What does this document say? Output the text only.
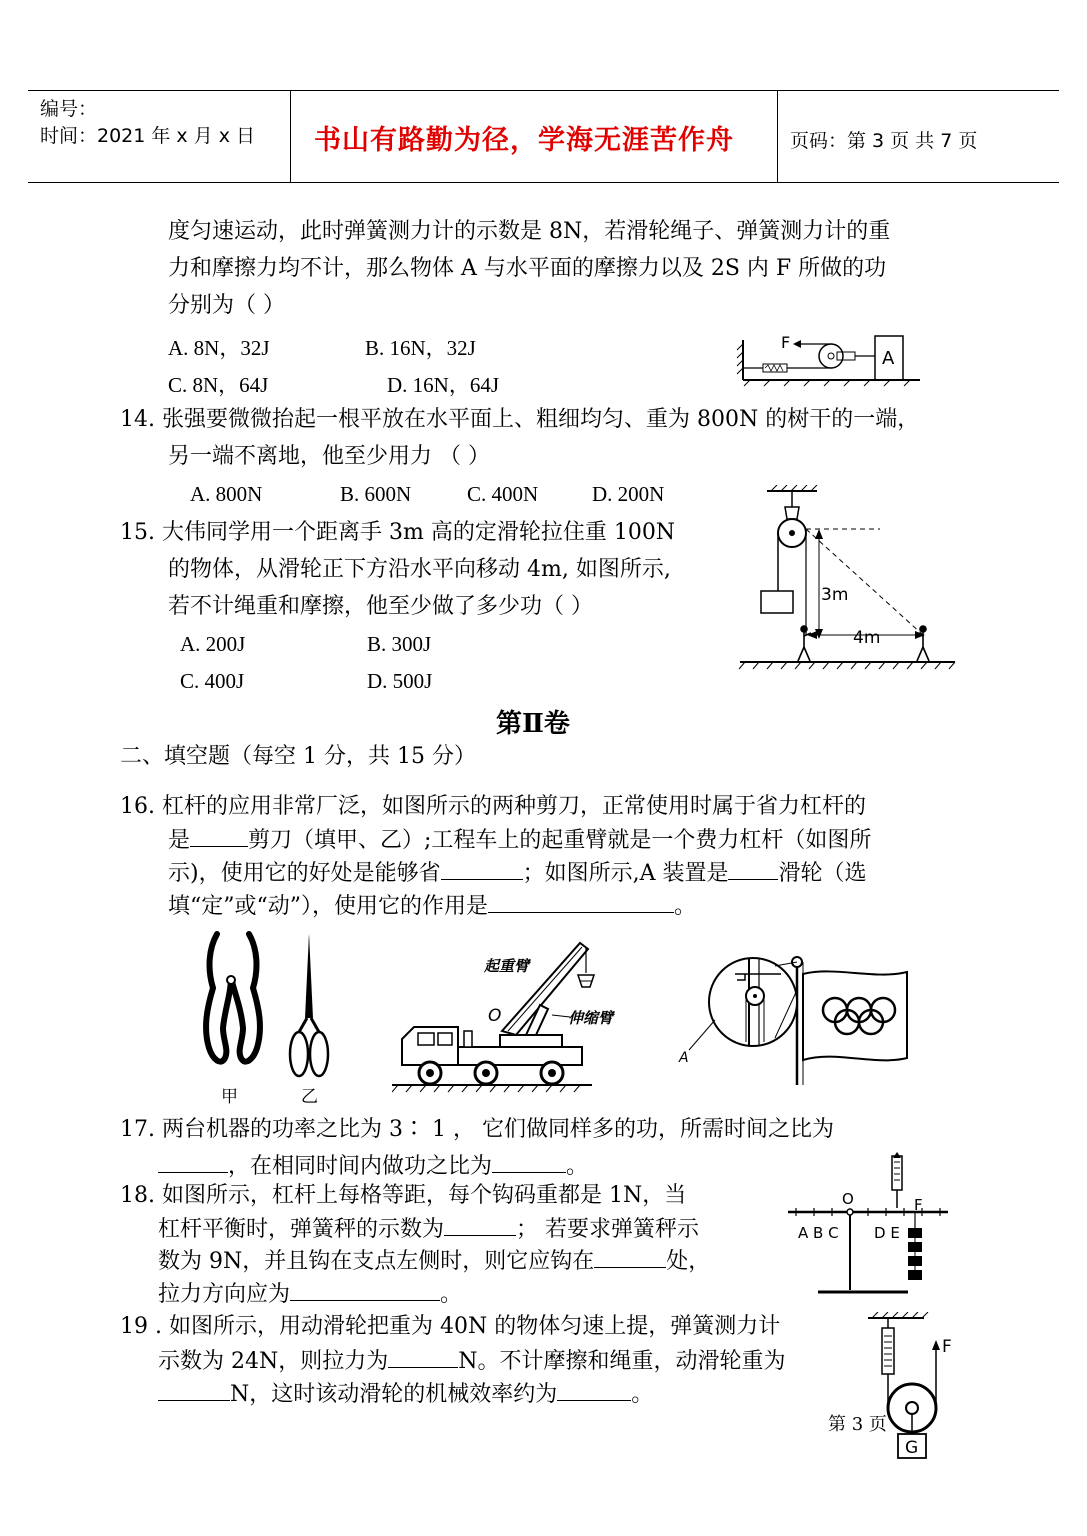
编号：
时间：2021 年 x 月 x 日 书山有路勤为径，学海无涯苦作舟	页码：第 3 页 共 7 页
度匀速运动，此时弹簧测力计的示数是 8N，若滑轮绳子、弹簧测力计的重
力和摩擦力均不计，那么物体 A 与水平面的摩擦力以及 2S 内 F 所做的功
分别为（ ）
A. 8N，32J	B. 16N，32J
C. 8N，64J	D. 16N，64J
F
A
14. 张强要微微抬起一根平放在水平面上、粗细均匀、重为 800N 的树干的一端，
另一端不离地，他至少用力 （ ）
A. 800N	B. 600N	C. 400N	D. 200N
15. 大伟同学用一个距离手 3m 高的定滑轮拉住重 100N
的物体，从滑轮正下方沿水平向移动 4m, 如图所示,
若不计绳重和摩擦，他至少做了多少功（ ）
A. 200J	B. 300J
C. 400J	D. 500J
3m
4m
第Ⅱ卷
二、填空题（每空 1 分，共 15 分）
16. 杠杆的应用非常厂泛，如图所示的两种剪刀，正常使用时属于省力杠杆的
是	剪刀（填甲、乙）;工程车上的起重臂就是一个费力杠杆（如图所
示)，使用它的好处是能够省	；如图所示,A 装置是 滑轮（选
填“定”或“动”），使用它的作用是	。
甲	乙
起重臂
伸缩臂
O
A
17. 两台机器的功率之比为 3∶ 1 ， 它们做同样多的功，所需时间之比为
，在相同时间内做功之比为	。
18. 如图所示，杠杆上每格等距，每个钩码重都是 1N，当
杠杆平衡时，弹簧秤的示数为	； 若要求弹簧秤示
数为 9N，并且钩在支点左侧时，则它应钩在	处，
拉力方向应为	。
O
A B C D E
F
19 . 如图所示，用动滑轮把重为 40N 的物体匀速上提，弹簧测力计
示数为 24N，则拉力为	N。不计摩擦和绳重，动滑轮重为
N，这时该动滑轮的机械效率约为	。
F
G
第 3 页
